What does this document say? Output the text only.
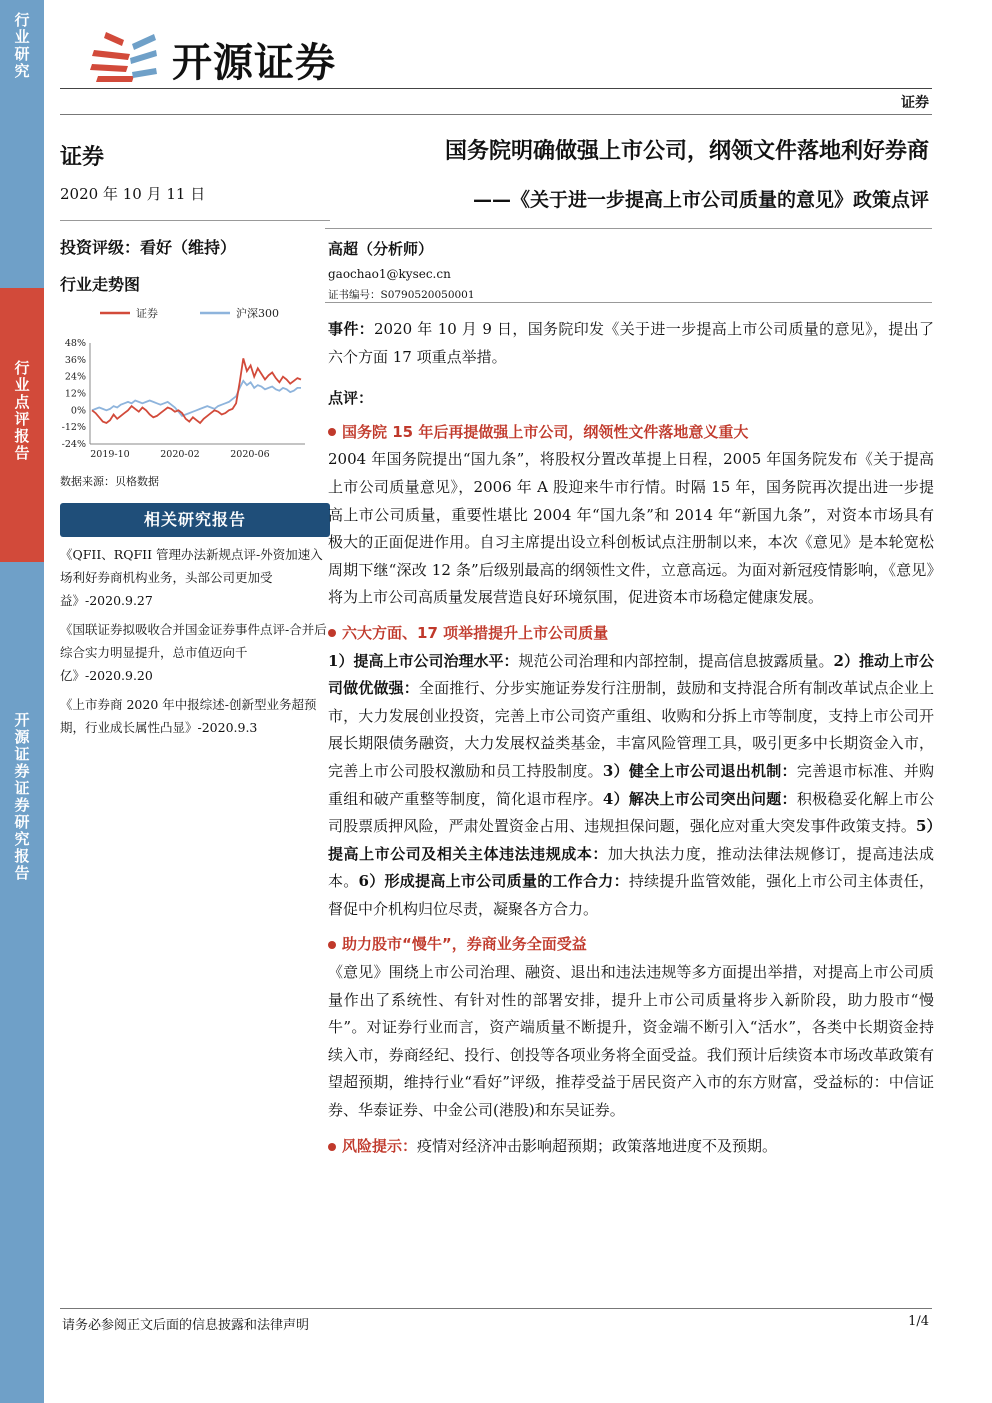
行业研究
行业点评报告
开源证券证券研究报告
开源证券
证券
证券
2020 年 10 月 11 日
投资评级：看好（维持）
行业走势图
证券	沪深300
48%
36%
24%
12%
0%
-12%
-24%
2019-10	2020-02	2020-06
数据来源：贝格数据
相关研究报告
《QFII、RQFII 管理办法新规点评-外资加速入场利好券商机构业务，头部公司更加受益》-2020.9.27
《国联证券拟吸收合并国金证券事件点评-合并后综合实力明显提升，总市值迈向千亿》-2020.9.20
《上市券商 2020 年中报综述-创新型业务超预期，行业成长属性凸显》-2020.9.3
国务院明确做强上市公司，纲领文件落地利好券商
——《关于进一步提高上市公司质量的意见》政策点评
高超（分析师）
gaochao1@kysec.cn
证书编号：S0790520050001

事件：2020 年 10 月 9 日，国务院印发《关于进一步提高上市公司质量的意见》，提出了六个方面 17 项重点举措。

点评：

国务院 15 年后再提做强上市公司，纲领性文件落地意义重大

2004 年国务院提出“国九条”，将股权分置改革提上日程，2005 年国务院发布《关于提高上市公司质量意见》，2006 年 A 股迎来牛市行情。时隔 15 年，国务院再次提出进一步提高上市公司质量，重要性堪比 2004 年“国九条”和 2014 年“新国九条”，对资本市场具有极大的正面促进作用。自习主席提出设立科创板试点注册制以来，本次《意见》是本轮宽松周期下继“深改 12 条”后级别最高的纲领性文件，立意高远。为面对新冠疫情影响，《意见》将为上市公司高质量发展营造良好环境氛围，促进资本市场稳定健康发展。

六大方面、17 项举措提升上市公司质量

1）提高上市公司治理水平：规范公司治理和内部控制，提高信息披露质量。2）推动上市公司做优做强：全面推行、分步实施证券发行注册制，鼓励和支持混合所有制改革试点企业上市，大力发展创业投资，完善上市公司资产重组、收购和分拆上市等制度，支持上市公司开展长期限债务融资，大力发展权益类基金，丰富风险管理工具，吸引更多中长期资金入市，完善上市公司股权激励和员工持股制度。3）健全上市公司退出机制：完善退市标准、并购重组和破产重整等制度，简化退市程序。4）解决上市公司突出问题：积极稳妥化解上市公司股票质押风险，严肃处置资金占用、违规担保问题，强化应对重大突发事件政策支持。5）提高上市公司及相关主体违法违规成本：加大执法力度，推动法律法规修订，提高违法成本。6）形成提高上市公司质量的工作合力：持续提升监管效能，强化上市公司主体责任，督促中介机构归位尽责，凝聚各方合力。

助力股市“慢牛”，券商业务全面受益

《意见》围绕上市公司治理、融资、退出和违法违规等多方面提出举措，对提高上市公司质量作出了系统性、有针对性的部署安排，提升上市公司质量将步入新阶段，助力股市“慢牛”。对证券行业而言，资产端质量不断提升，资金端不断引入“活水”，各类中长期资金持续入市，券商经纪、投行、创投等各项业务将全面受益。我们预计后续资本市场改革政策有望超预期，维持行业“看好”评级，推荐受益于居民资产入市的东方财富，受益标的：中信证券、华泰证券、中金公司(港股)和东吴证券。

风险提示：疫情对经济冲击影响超预期；政策落地进度不及预期。

请务必参阅正文后面的信息披露和法律声明	1/4
